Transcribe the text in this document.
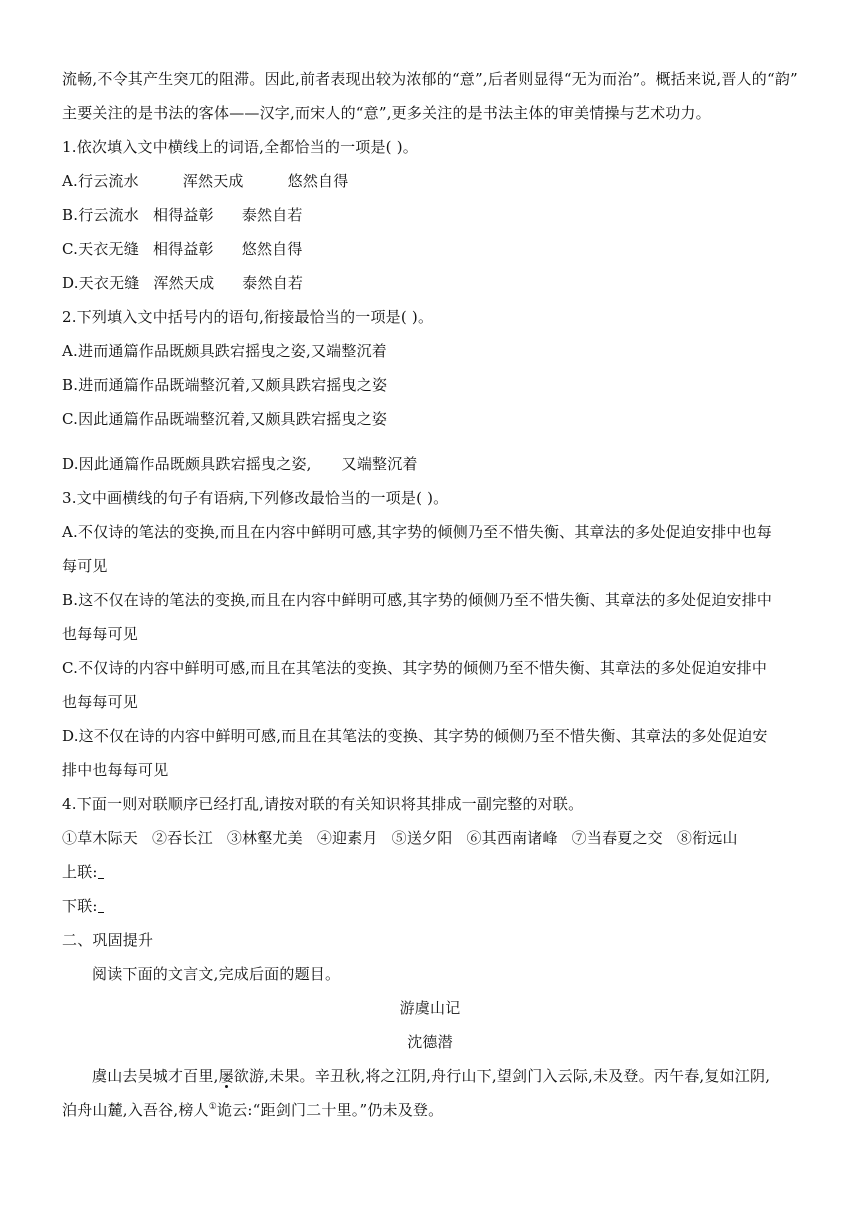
流畅,不令其产生突兀的阻滞。因此,前者表现出较为浓郁的“意”,后者则显得“无为而治”。概括来说,晋人的“韵”
主要关注的是书法的客体——汉字,而宋人的“意”,更多关注的是书法主体的审美情操与艺术功力。
1.依次填入文中横线上的词语,全都恰当的一项是( )。
A.行云流水	浑然天成	悠然自得
B.行云流水 相得益彰 泰然自若
C.天衣无缝 相得益彰 悠然自得
D.天衣无缝 浑然天成 泰然自若
2.下列填入文中括号内的语句,衔接最恰当的一项是( )。
A.进而通篇作品既颇具跌宕摇曳之姿,又端整沉着
B.进而通篇作品既端整沉着,又颇具跌宕摇曳之姿
C.因此通篇作品既端整沉着,又颇具跌宕摇曳之姿
D.因此通篇作品既颇具跌宕摇曳之姿, 又端整沉着
3.文中画横线的句子有语病,下列修改最恰当的一项是( )。
A.不仅诗的笔法的变换,而且在内容中鲜明可感,其字势的倾侧乃至不惜失衡、其章法的多处促迫安排中也每
每可见
B.这不仅在诗的笔法的变换,而且在内容中鲜明可感,其字势的倾侧乃至不惜失衡、其章法的多处促迫安排中
也每每可见
C.不仅诗的内容中鲜明可感,而且在其笔法的变换、其字势的倾侧乃至不惜失衡、其章法的多处促迫安排中
也每每可见
D.这不仅在诗的内容中鲜明可感,而且在其笔法的变换、其字势的倾侧乃至不惜失衡、其章法的多处促迫安
排中也每每可见
4.下面一则对联顺序已经打乱,请按对联的有关知识将其排成一副完整的对联。
①草木际天 ②吞长江 ③林壑尤美 ④迎素月 ⑤送夕阳 ⑥其西南诸峰 ⑦当春夏之交 ⑧衔远山
上联:
下联:
二、巩固提升
阅读下面的文言文,完成后面的题目。
游虞山记
沈德潜
虞山去吴城才百里,屡欲游,未果。辛丑秋,将之江阴,舟行山下,望剑门入云际,未及登。丙午春,复如江阴,
泊舟山麓,入吾谷,榜人①诡云:“距剑门二十里。”仍未及登。
